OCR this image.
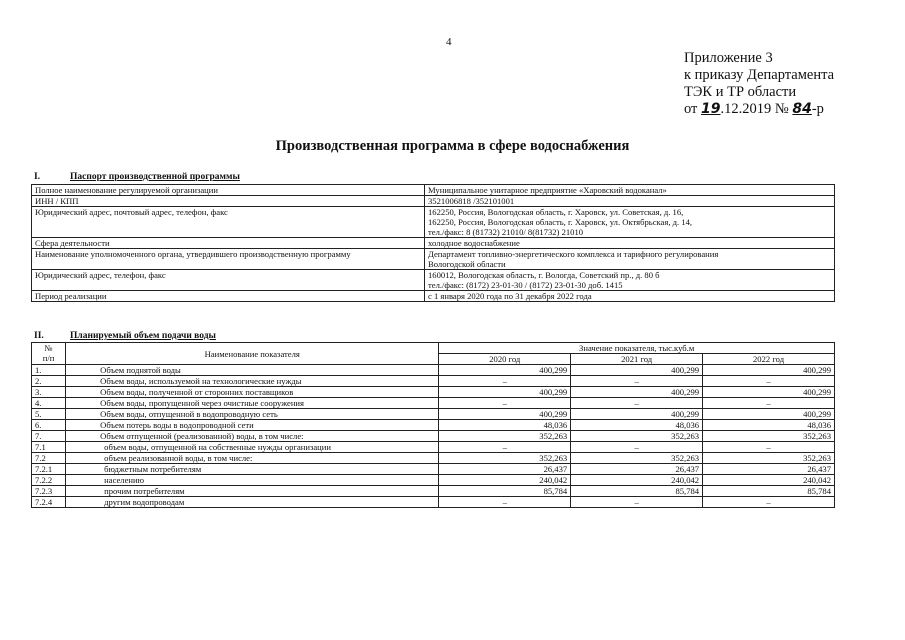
4
Приложение 3
к приказу Департамента
ТЭК и ТР области
от 19.12.2019 № 84-р
Производственная программа в сфере водоснабжения
I.	Паспорт производственной программы
Полное наименование регулируемой организации	Муниципальное унитарное предприятие «Харовский водоканал»
ИНН / КПП	3521006818 /352101001
Юридический адрес, почтовый адрес, телефон, факс	162250, Россия, Вологодская область, г. Харовск, ул. Советская, д. 16,
162250, Россия, Вологодская область, г. Харовск, ул. Октябрьская, д. 14,
тел./факс: 8 (81732) 21010/ 8(81732) 21010
Сфера деятельности	холодное водоснабжение
Наименование уполномоченного органа, утвердившего производственную программу	Департамент топливно-энергетического комплекса и тарифного регулирования
Вологодской области
Юридический адрес, телефон, факс	160012, Вологодская область, г. Вологда, Советский пр., д. 80 б
тел./факс: (8172) 23-01-30 / (8172) 23-01-30 доб. 1415
Период реализации	с 1 января 2020 года по 31 декабря 2022 года
II.	Планируемый объем подачи воды
№
п/п	Наименование показателя	Значение показателя, тыс.куб.м		
		2020 год	2021 год	2022 год
1.	Объем поднятой воды	400,299	400,299	400,299
2.	Объем воды, используемой на технологические нужды	–	–	–
3.	Объем воды, полученной от сторонних поставщиков	400,299	400,299	400,299
4.	Объем воды, пропущенной через очистные сооружения	–	–	–
5.	Объем воды, отпущенной в водопроводную сеть	400,299	400,299	400,299
6.	Объем потерь воды в водопроводной сети	48,036	48,036	48,036
7.	Объем отпущенной (реализованной) воды, в том числе:	352,263	352,263	352,263
7.1	объем воды, отпущенной на собственные нужды организации	–	–	–
7.2	объем реализованной воды, в том числе:	352,263	352,263	352,263
7.2.1	бюджетным потребителям	26,437	26,437	26,437
7.2.2	населению	240,042	240,042	240,042
7.2.3	прочим потребителям	85,784	85,784	85,784
7.2.4	другим водопроводам	–	–	–
